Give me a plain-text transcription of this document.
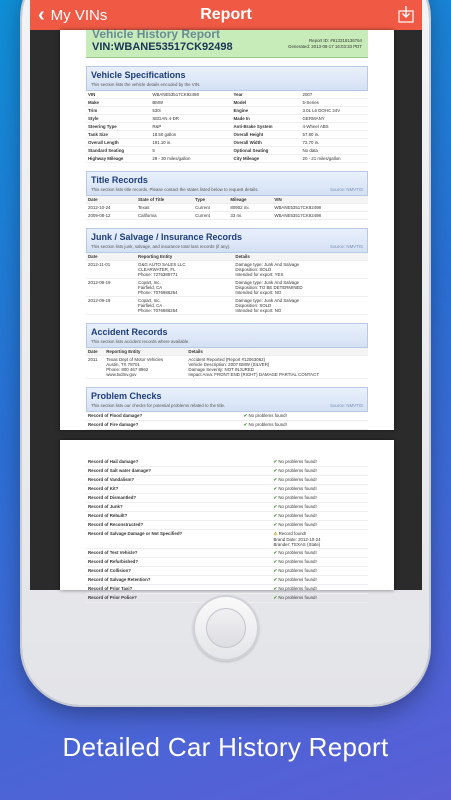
‹ My VINs	Report
Vehicle History Report
VIN:WBANE53517CK92498
Report ID: #913318136764
Generated: 2013-08-17 16:03:33 PDT
Vehicle Specifications
This section lists the vehicle details encoded by the VIN.
VIN	WBANE53517CK92498	Year	2007
Make	BMW	Model	5-Series
Trim	530i	Engine	3.0L L6 DOHC 24V
Style	SEDAN 4-DR	Made In	GERMANY
Steering Type	R&P	Anti-Brake System	4-Wheel ABS
Tank Size	18.50 gallon	Overall Height	57.80 in.
Overall Length	191.10 in.	Overall Width	72.70 in.
Standard Seating	5	Optional Seating	No data
Highway Mileage	29 - 30 miles/gallon	City Mileage	20 - 21 miles/gallon
Title Records
This section lists title records. Please contact the states listed below to request details.	Source: NMVTIS
Date	State of Title	Type	Mileage	VIN
2012-10-24	Texas	Current	80902 mi.	WBANE53517CK92498
2009-08-12	California	Current	33 mi.	WBANE53517CK92498
Junk / Salvage / Insurance Records
This section lists junk, salvage, and insurance total loss records (if any).	Source: NMVTIS
Date	Reporting Entity	Details
2012-11-01	G&G AUTO SALES LLC
CLEARWATER, FL
Phone: 7276389771	Damage type: Junk And Salvage
Disposition: SOLD
Intended for export: YES
2012-09-19	Copart, Inc.
Fairfield, CA
Phone: 7076986254	Damage type: Junk And Salvage
Disposition: TO BE DETERMINED
Intended for export: NO
2012-09-19	Copart, Inc.
Fairfield, CA
Phone: 7076986254	Damage type: Junk And Salvage
Disposition: SOLD
Intended for export: NO
Accident Records
This section lists accident records where available.
Date	Reporting Entity	Details
2011	Texas Dept of Motor Vehicles
Austin, TX 78701
Phone: 800 467 8962
www.txdmv.gov	Accident Reported (Report #12063062)
Vehicle Description: 2007 BMW (SILVER)
Damage Severity: NOT INJURED
Impact Area: FRONT END (RIGHT) DAMAGE PARTIAL CONTACT
Problem Checks
This section lists our checks for potential problems related to the title.	Source: NMVTIS
Record of Flood damage?	✔ No problems found!
Record of Fire damage?	✔ No problems found!
Record of Hail damage?	✔ No problems found!
Record of Salt water damage?	✔ No problems found!
Record of Vandalism?	✔ No problems found!
Record of Kit?	✔ No problems found!
Record of Dismantled?	✔ No problems found!
Record of Junk?	✔ No problems found!
Record of Rebuilt?	✔ No problems found!
Record of Reconstructed?	✔ No problems found!
Record of Salvage Damage or Not Specified?	⚠ Record found!
Brand Date: 2012-10-24
Brander: TEXAS (State)
Record of Test Vehicle?	✔ No problems found!
Record of Refurbished?	✔ No problems found!
Record of Collision?	✔ No problems found!
Record of Salvage Retention?	✔ No problems found!
Record of Prior Taxi?	✔ No problems found!
Record of Prior Police?	✔ No problems found!
Detailed Car History Report
